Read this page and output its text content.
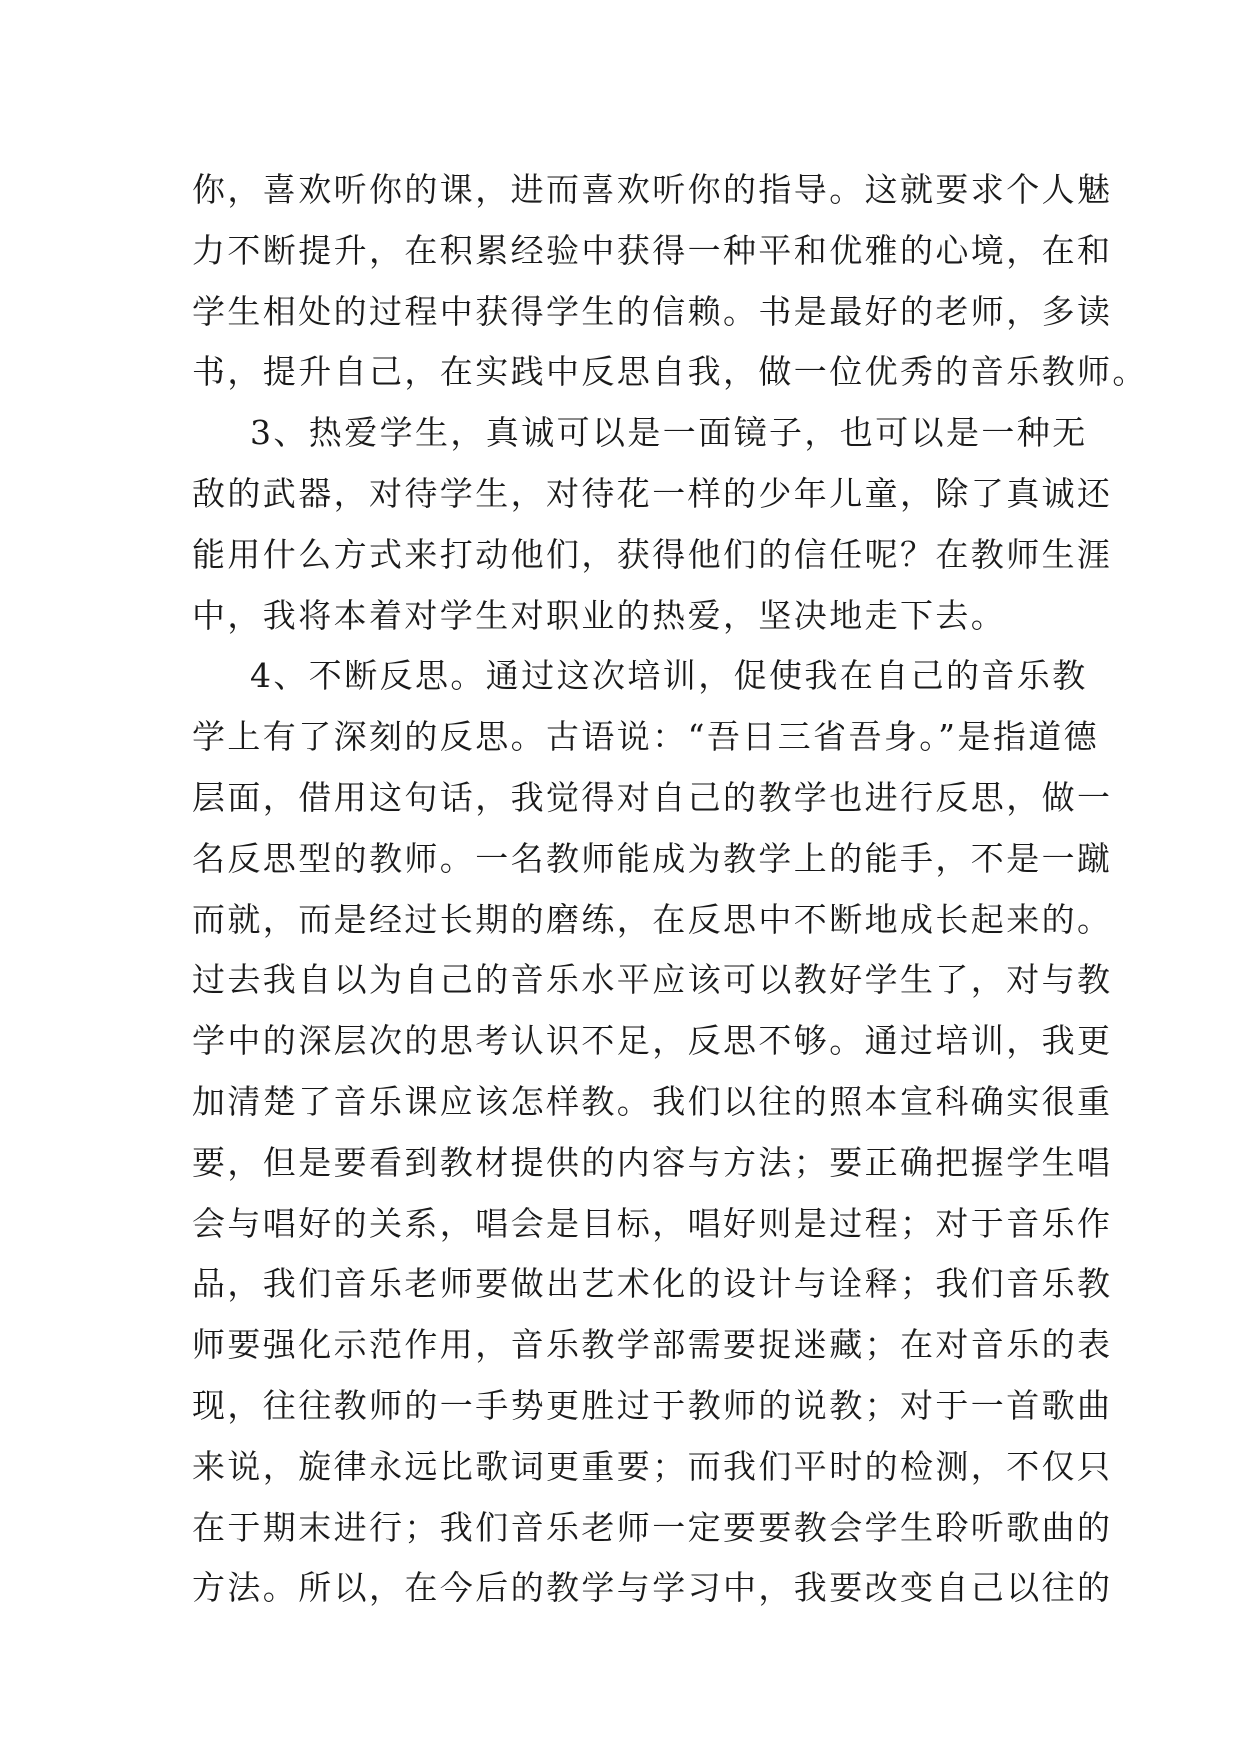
你，喜欢听你的课，进而喜欢听你的指导。这就要求个人魅
力不断提升，在积累经验中获得一种平和优雅的心境，在和
学生相处的过程中获得学生的信赖。书是最好的老师，多读
书，提升自己，在实践中反思自我，做一位优秀的音乐教师。
3、热爱学生，真诚可以是一面镜子，也可以是一种无
敌的武器，对待学生，对待花一样的少年儿童，除了真诚还
能用什么方式来打动他们，获得他们的信任呢？在教师生涯
中，我将本着对学生对职业的热爱，坚决地走下去。
4、不断反思。通过这次培训，促使我在自己的音乐教
学上有了深刻的反思。古语说：“吾日三省吾身。”是指道德
层面，借用这句话，我觉得对自己的教学也进行反思，做一
名反思型的教师。一名教师能成为教学上的能手，不是一蹴
而就，而是经过长期的磨练，在反思中不断地成长起来的。
过去我自以为自己的音乐水平应该可以教好学生了，对与教
学中的深层次的思考认识不足，反思不够。通过培训，我更
加清楚了音乐课应该怎样教。我们以往的照本宣科确实很重
要，但是要看到教材提供的内容与方法；要正确把握学生唱
会与唱好的关系，唱会是目标，唱好则是过程；对于音乐作
品，我们音乐老师要做出艺术化的设计与诠释；我们音乐教
师要强化示范作用，音乐教学部需要捉迷藏；在对音乐的表
现，往往教师的一手势更胜过于教师的说教；对于一首歌曲
来说，旋律永远比歌词更重要；而我们平时的检测，不仅只
在于期末进行；我们音乐老师一定要要教会学生聆听歌曲的
方法。所以，在今后的教学与学习中，我要改变自己以往的
